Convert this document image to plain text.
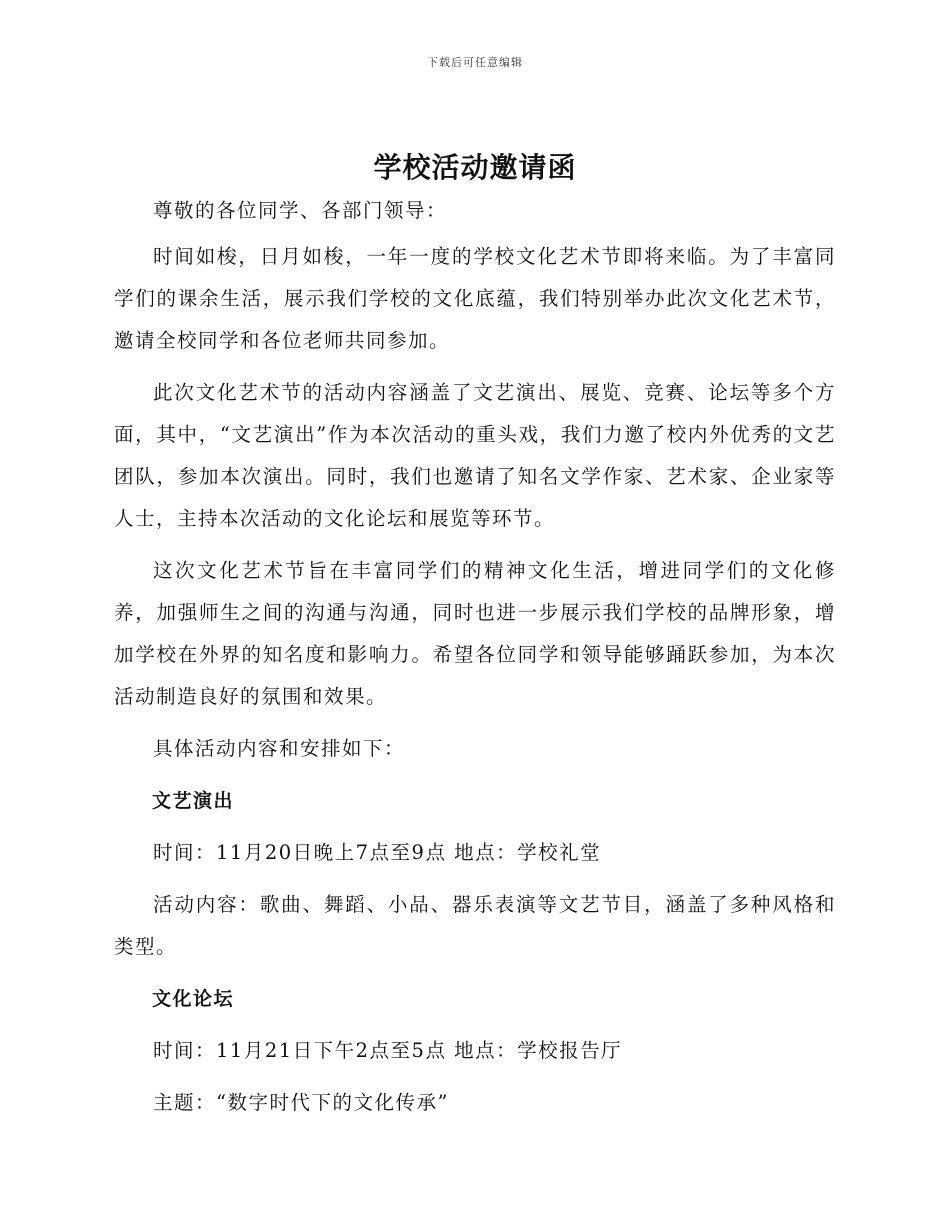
下载后可任意编辑
学校活动邀请函

尊敬的各位同学、各部门领导：

时间如梭，日月如梭，一年一度的学校文化艺术节即将来临。为了丰富同学们的课余生活，展示我们学校的文化底蕴，我们特别举办此次文化艺术节，邀请全校同学和各位老师共同参加。

此次文化艺术节的活动内容涵盖了文艺演出、展览、竞赛、论坛等多个方面，其中，“文艺演出”作为本次活动的重头戏，我们力邀了校内外优秀的文艺团队，参加本次演出。同时，我们也邀请了知名文学作家、艺术家、企业家等人士，主持本次活动的文化论坛和展览等环节。

这次文化艺术节旨在丰富同学们的精神文化生活，增进同学们的文化修养，加强师生之间的沟通与沟通，同时也进一步展示我们学校的品牌形象，增加学校在外界的知名度和影响力。希望各位同学和领导能够踊跃参加，为本次活动制造良好的氛围和效果。

具体活动内容和安排如下：

文艺演出

时间：11月20日晚上7点至9点 地点：学校礼堂

活动内容：歌曲、舞蹈、小品、器乐表演等文艺节目，涵盖了多种风格和类型。

文化论坛

时间：11月21日下午2点至5点 地点：学校报告厅

主题：“数字时代下的文化传承”
